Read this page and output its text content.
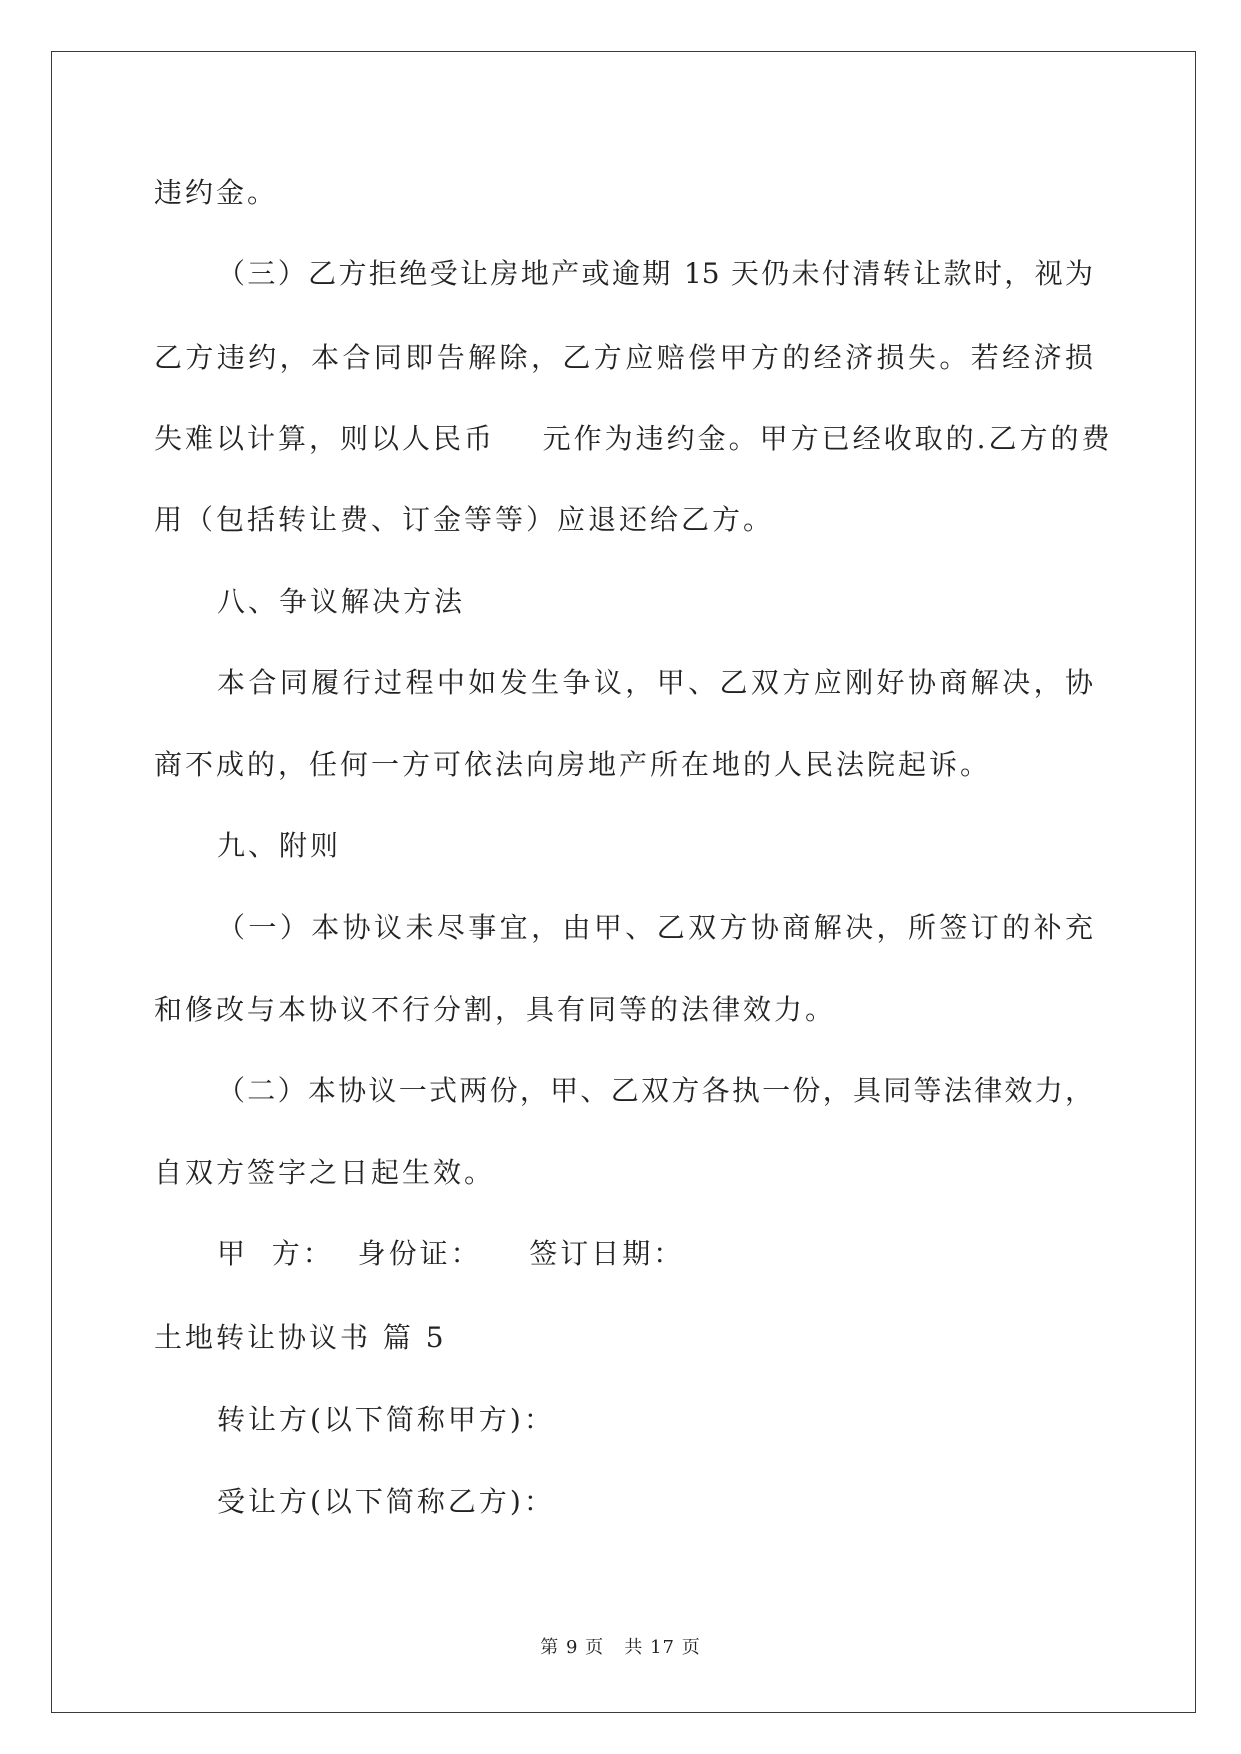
违约金。
（三）乙方拒绝受让房地产或逾期 15 天仍未付清转让款时，视为
乙方违约，本合同即告解除，乙方应赔偿甲方的经济损失。若经济损
失难以计算，则以人民币    元作为违约金。甲方已经收取的.乙方的费
用（包括转让费、订金等等）应退还给乙方。
八、争议解决方法
本合同履行过程中如发生争议，甲、乙双方应刚好协商解决，协
商不成的，任何一方可依法向房地产所在地的人民法院起诉。
九、附则
（一）本协议未尽事宜，由甲、乙双方协商解决，所签订的补充
和修改与本协议不行分割，具有同等的法律效力。
（二）本协议一式两份，甲、乙双方各执一份，具同等法律效力，
自双方签字之日起生效。
甲  方：  身份证：    签订日期：
土地转让协议书 篇 5
转让方(以下简称甲方)：
受让方(以下简称乙方)：
第 9 页   共 17 页
